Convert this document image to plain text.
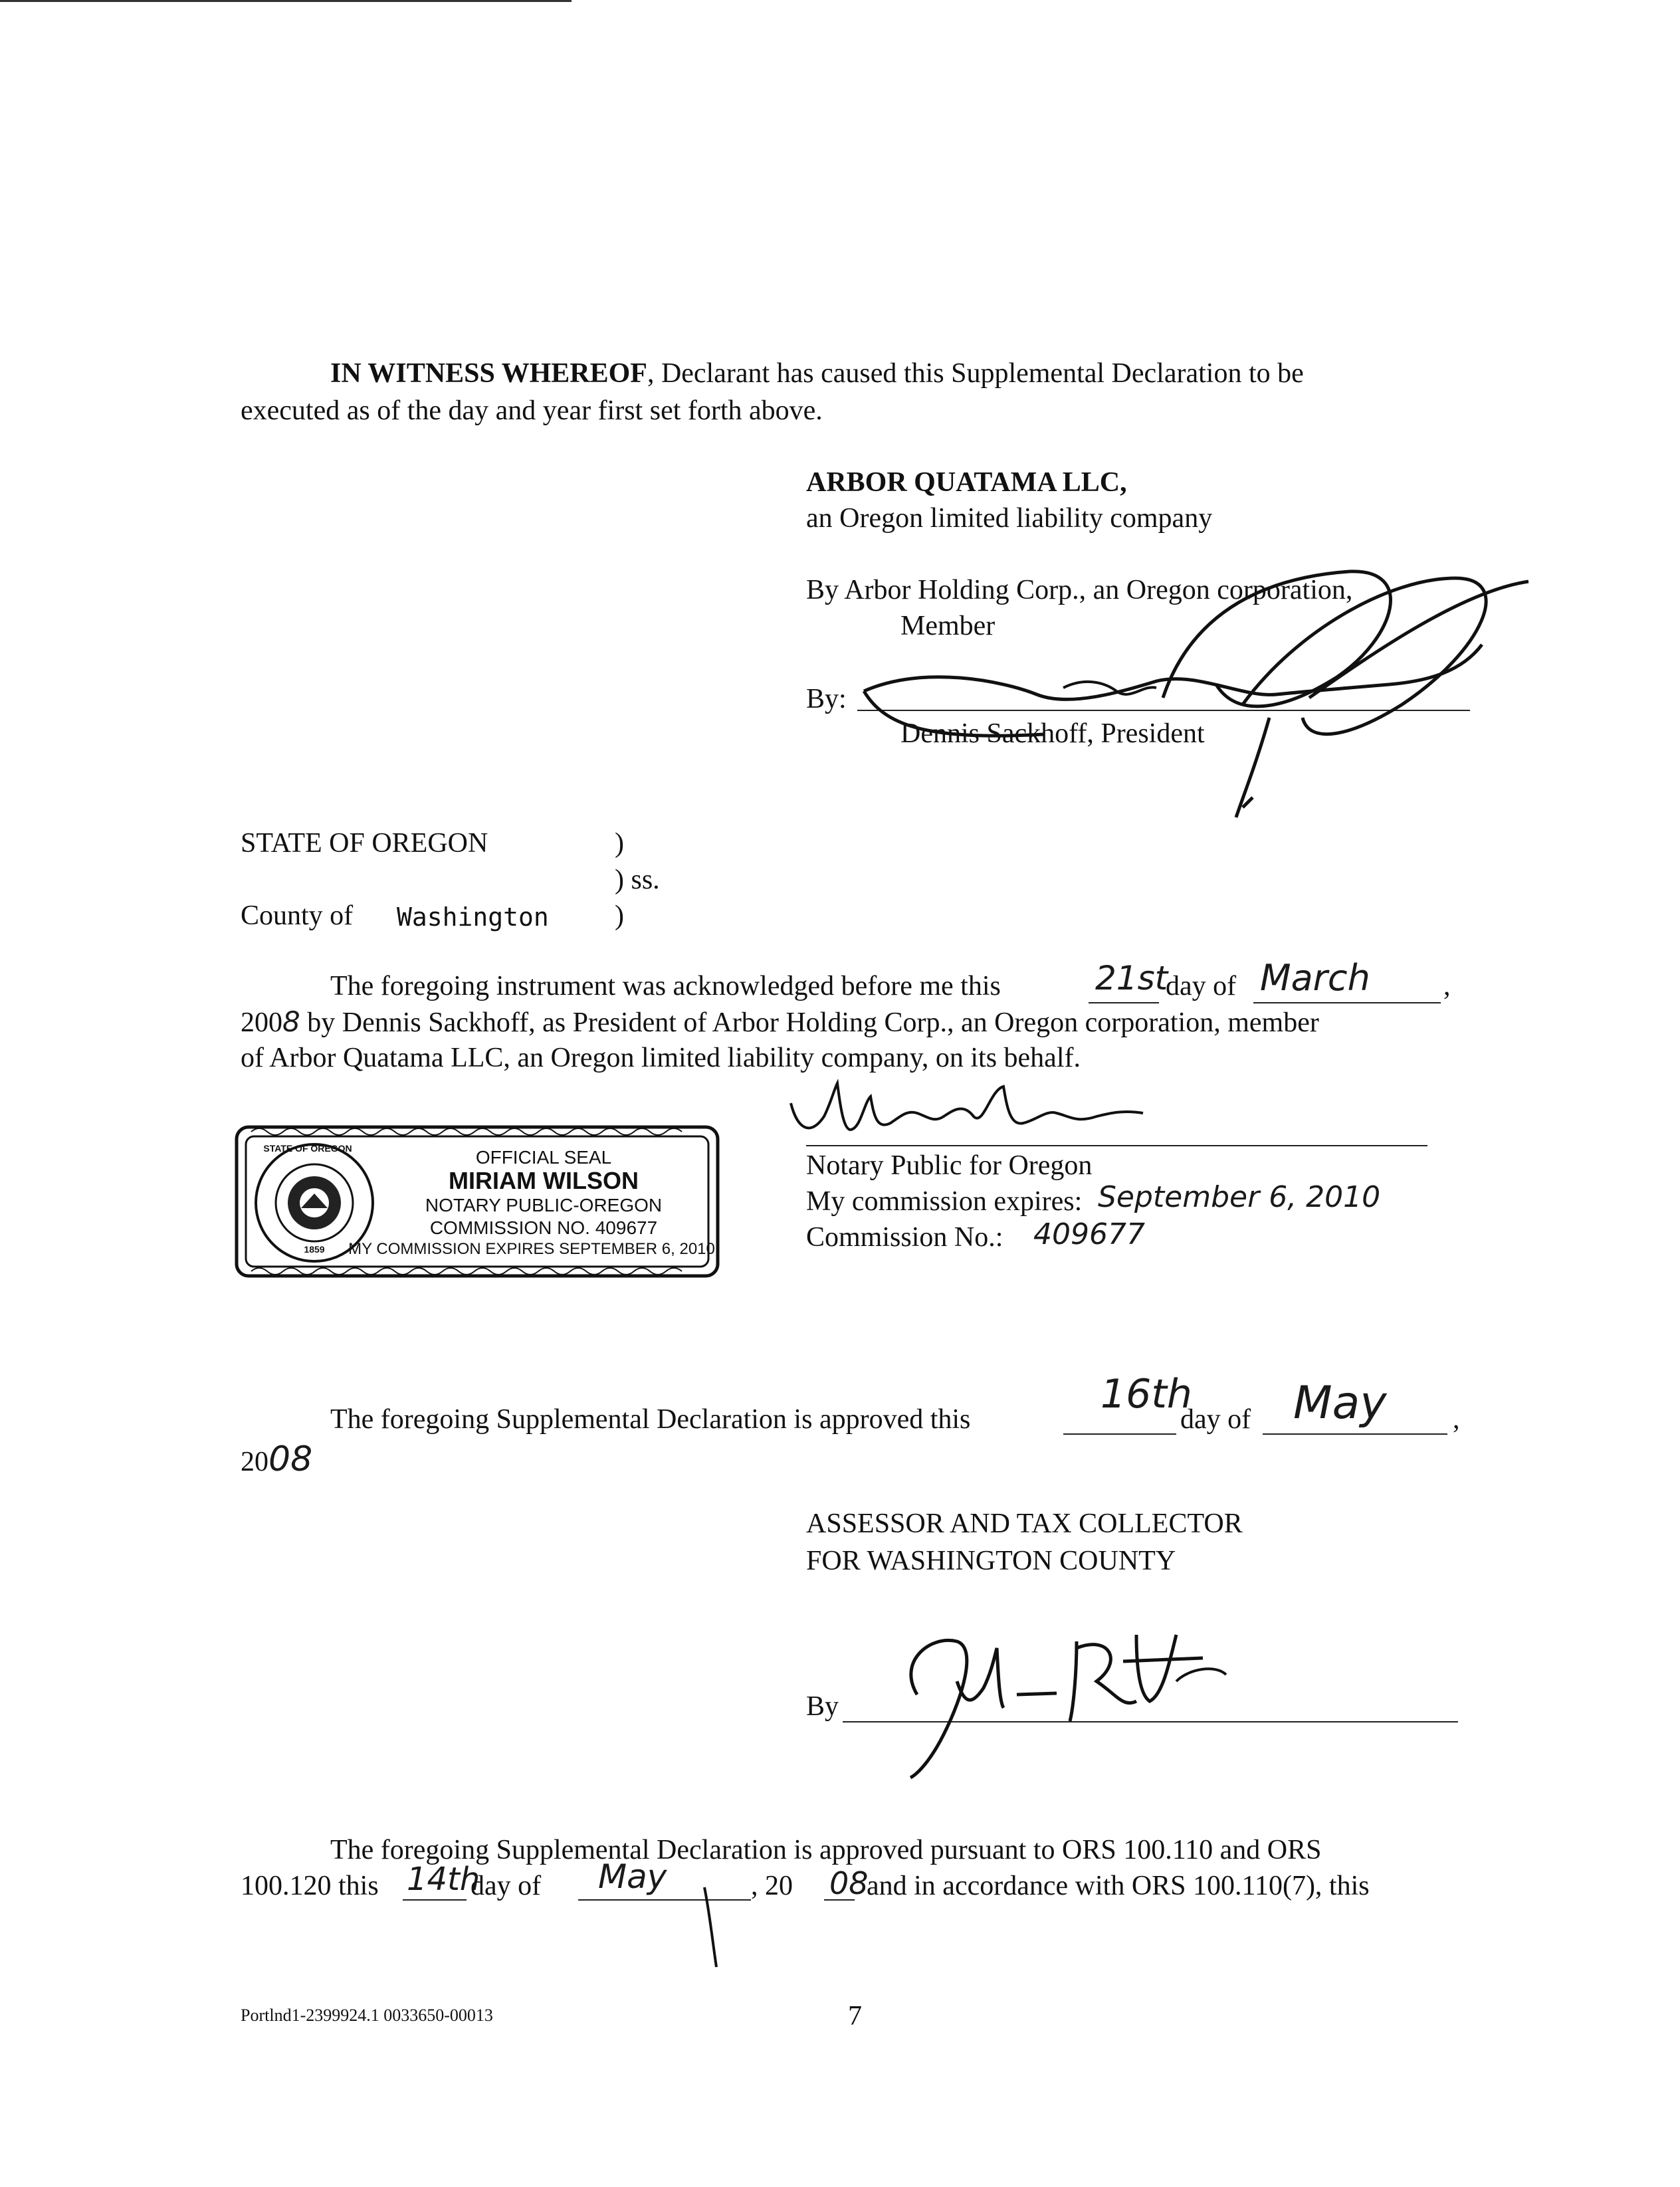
IN WITNESS WHEREOF, Declarant has caused this Supplemental Declaration to be
executed as of the day and year first set forth above.
ARBOR QUATAMA LLC,
an Oregon limited liability company
By Arbor Holding Corp., an Oregon corporation,
Member
By:
Dennis Sackhoff, President
STATE OF OREGON	)
) ss.
County of Washington )
The foregoing instrument was acknowledged before me this	21st
day of March	,
2008 by Dennis Sackhoff, as President of Arbor Holding Corp., an Oregon corporation, member
of Arbor Quatama LLC, an Oregon limited liability company, on its behalf.
Notary Public for Oregon
My commission expires: September 6, 2010
Commission No.: 409677
STATE OF OREGON
1859
OFFICIAL SEAL
MIRIAM WILSON
NOTARY PUBLIC-OREGON
COMMISSION NO. 409677
MY COMMISSION EXPIRES SEPTEMBER 6, 2010
The foregoing Supplemental Declaration is approved this
16th
day of May ,
2008
ASSESSOR AND TAX COLLECTOR
FOR WASHINGTON COUNTY
By
The foregoing Supplemental Declaration is approved pursuant to ORS 100.110 and ORS
100.120 this 14th
day of May	, 20 08
and in accordance with ORS 100.110(7), this
Portlnd1-2399924.1 0033650-00013	7
